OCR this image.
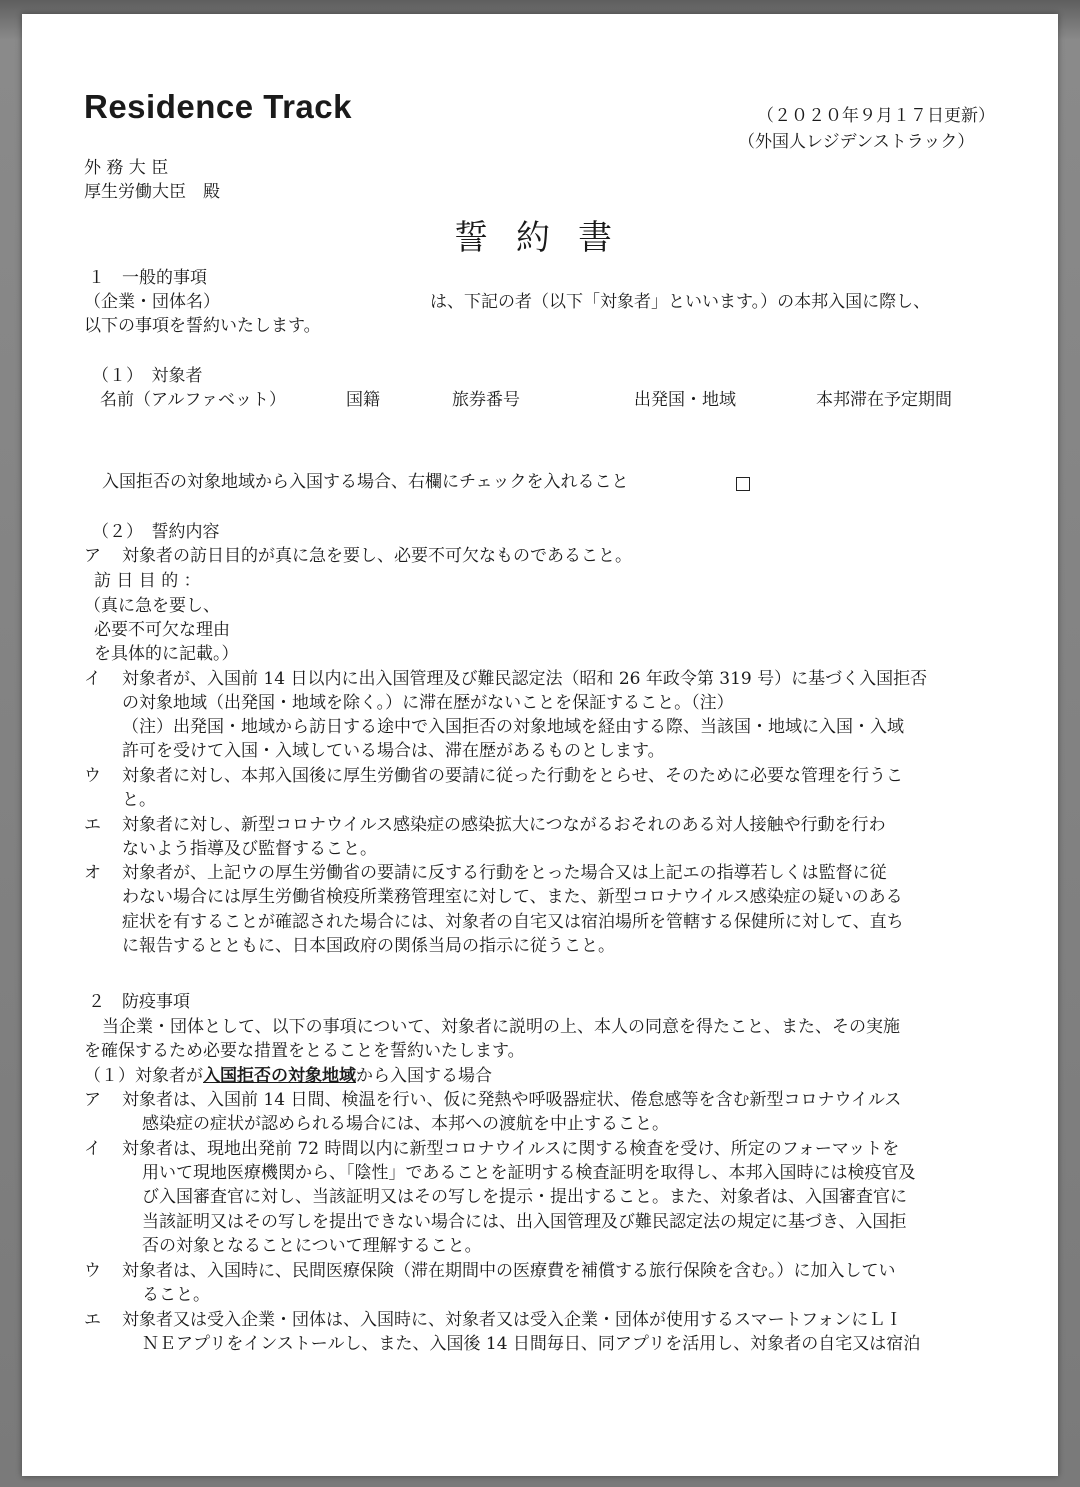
Residence Track	（２０２０年９月１７日更新）
（外国人レジデンストラック）
外 務 大 臣
厚生労働大臣　殿
誓約書
１　一般的事項
（企業・団体名）	は、下記の者（以下「対象者」といいます。）の本邦入国に際し、
以下の事項を誓約いたします。
（１）　対象者
名前（アルファベット）	国籍	旅券番号	出発国・地域	本邦滞在予定期間
入国拒否の対象地域から入国する場合、右欄にチェックを入れること
（２）　誓約内容
ア 対象者の訪日目的が真に急を要し、必要不可欠なものであること。
訪 日 目 的 ：
（真に急を要し、
必要不可欠な理由
を具体的に記載。）
イ 対象者が、入国前 14 日以内に出入国管理及び難民認定法（昭和 26 年政令第 319 号）に基づく入国拒否
の対象地域（出発国・地域を除く。）に滞在歴がないことを保証すること。（注）
（注）出発国・地域から訪日する途中で入国拒否の対象地域を経由する際、当該国・地域に入国・入域
許可を受けて入国・入域している場合は、滞在歴があるものとします。
ウ 対象者に対し、本邦入国後に厚生労働省の要請に従った行動をとらせ、そのために必要な管理を行うこ
と。
エ 対象者に対し、新型コロナウイルス感染症の感染拡大につながるおそれのある対人接触や行動を行わ
ないよう指導及び監督すること。
オ 対象者が、上記ウの厚生労働省の要請に反する行動をとった場合又は上記エの指導若しくは監督に従
わない場合には厚生労働省検疫所業務管理室に対して、また、新型コロナウイルス感染症の疑いのある
症状を有することが確認された場合には、対象者の自宅又は宿泊場所を管轄する保健所に対して、直ち
に報告するとともに、日本国政府の関係当局の指示に従うこと。
２　防疫事項
当企業・団体として、以下の事項について、対象者に説明の上、本人の同意を得たこと、また、その実施
を確保するため必要な措置をとることを誓約いたします。
（１）対象者が入国拒否の対象地域から入国する場合
ア 対象者は、入国前 14 日間、検温を行い、仮に発熱や呼吸器症状、倦怠感等を含む新型コロナウイルス
感染症の症状が認められる場合には、本邦への渡航を中止すること。
イ 対象者は、現地出発前 72 時間以内に新型コロナウイルスに関する検査を受け、所定のフォーマットを
用いて現地医療機関から、「陰性」であることを証明する検査証明を取得し、本邦入国時には検疫官及
び入国審査官に対し、当該証明又はその写しを提示・提出すること。また、対象者は、入国審査官に
当該証明又はその写しを提出できない場合には、出入国管理及び難民認定法の規定に基づき、入国拒
否の対象となることについて理解すること。
ウ 対象者は、入国時に、民間医療保険（滞在期間中の医療費を補償する旅行保険を含む。）に加入してい
ること。
エ 対象者又は受入企業・団体は、入国時に、対象者又は受入企業・団体が使用するスマートフォンにＬＩ
ＮＥアプリをインストールし、また、入国後 14 日間毎日、同アプリを活用し、対象者の自宅又は宿泊
